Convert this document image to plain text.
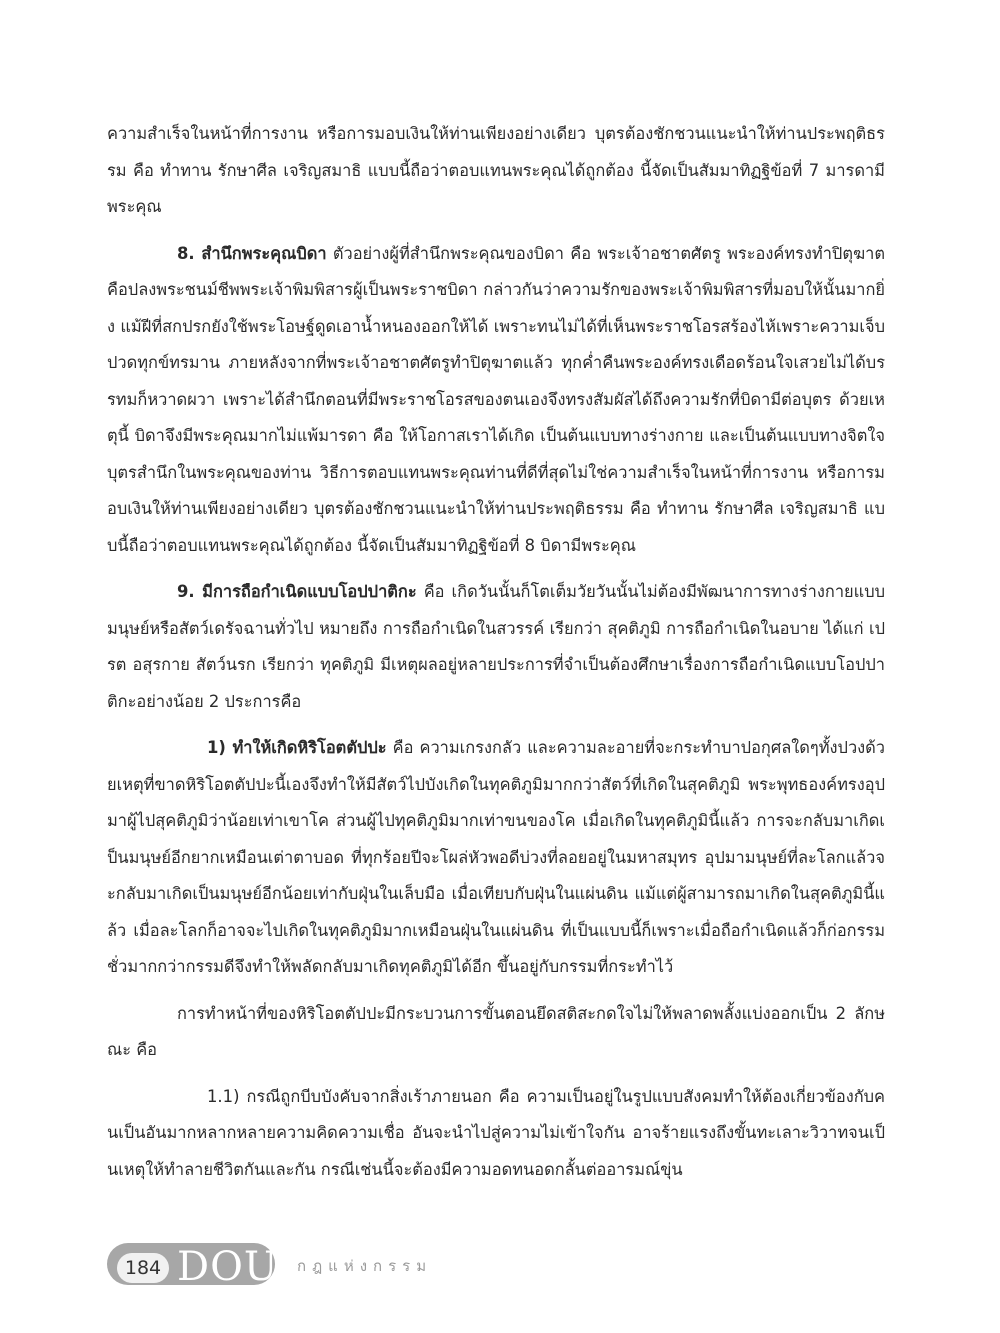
ความสำเร็จในหน้าที่การงาน หรือการมอบเงินให้ท่านเพียงอย่างเดียว บุตรต้องชักชวนแนะนำให้ท่านประพฤติธรรม คือ ทำทาน รักษาศีล เจริญสมาธิ แบบนี้ถือว่าตอบแทนพระคุณได้ถูกต้อง นี้จัดเป็นสัมมาทิฏฐิข้อที่ 7 มารดามีพระคุณ

8. สำนึกพระคุณบิดา ตัวอย่างผู้ที่สำนึกพระคุณของบิดา คือ พระเจ้าอชาตศัตรู พระองค์ทรงทำปิตุฆาตคือปลงพระชนม์ชีพพระเจ้าพิมพิสารผู้เป็นพระราชบิดา กล่าวกันว่าความรักของพระเจ้าพิมพิสารที่มอบให้นั้นมากยิ่ง แม้ฝีที่สกปรกยังใช้พระโอษฐ์ดูดเอาน้ำหนองออกให้ได้ เพราะทนไม่ได้ที่เห็นพระราชโอรสร้องไห้เพราะความเจ็บปวดทุกข์ทรมาน ภายหลังจากที่พระเจ้าอชาตศัตรูทำปิตุฆาตแล้ว ทุกค่ำคืนพระองค์ทรงเดือดร้อนใจเสวยไม่ได้บรรทมก็หวาดผวา เพราะได้สำนึกตอนที่มีพระราชโอรสของตนเองจึงทรงสัมผัสได้ถึงความรักที่บิดามีต่อบุตร ด้วยเหตุนี้ บิดาจึงมีพระคุณมากไม่แพ้มารดา คือ ให้โอกาสเราได้เกิด เป็นต้นแบบทางร่างกาย และเป็นต้นแบบทางจิตใจ บุตรสำนึกในพระคุณของท่าน วิธีการตอบแทนพระคุณท่านที่ดีที่สุดไม่ใช่ความสำเร็จในหน้าที่การงาน หรือการมอบเงินให้ท่านเพียงอย่างเดียว บุตรต้องชักชวนแนะนำให้ท่านประพฤติธรรม คือ ทำทาน รักษาศีล เจริญสมาธิ แบบนี้ถือว่าตอบแทนพระคุณได้ถูกต้อง นี้จัดเป็นสัมมาทิฏฐิข้อที่ 8 บิดามีพระคุณ

9. มีการถือกำเนิดแบบโอปปาติกะ คือ เกิดวันนั้นก็โตเต็มวัยวันนั้นไม่ต้องมีพัฒนาการทางร่างกายแบบมนุษย์หรือสัตว์เดรัจฉานทั่วไป หมายถึง การถือกำเนิดในสวรรค์ เรียกว่า สุคติภูมิ การถือกำเนิดในอบาย ได้แก่ เปรต อสุรกาย สัตว์นรก เรียกว่า ทุคติภูมิ มีเหตุผลอยู่หลายประการที่จำเป็นต้องศึกษาเรื่องการถือกำเนิดแบบโอปปาติกะอย่างน้อย 2 ประการคือ

1) ทำให้เกิดหิริโอตตัปปะ คือ ความเกรงกลัว และความละอายที่จะกระทำบาปอกุศลใดๆทั้งปวงด้วยเหตุที่ขาดหิริโอตตัปปะนี้เองจึงทำให้มีสัตว์ไปบังเกิดในทุคติภูมิมากกว่าสัตว์ที่เกิดในสุคติภูมิ พระพุทธองค์ทรงอุปมาผู้ไปสุคติภูมิว่าน้อยเท่าเขาโค ส่วนผู้ไปทุคติภูมิมากเท่าขนของโค เมื่อเกิดในทุคติภูมินี้แล้ว การจะกลับมาเกิดเป็นมนุษย์อีกยากเหมือนเต่าตาบอด ที่ทุกร้อยปีจะโผล่หัวพอดีบ่วงที่ลอยอยู่ในมหาสมุทร อุปมามนุษย์ที่ละโลกแล้วจะกลับมาเกิดเป็นมนุษย์อีกน้อยเท่ากับฝุ่นในเล็บมือ เมื่อเทียบกับฝุ่นในแผ่นดิน แม้แต่ผู้สามารถมาเกิดในสุคติภูมินี้แล้ว เมื่อละโลกก็อาจจะไปเกิดในทุคติภูมิมากเหมือนฝุ่นในแผ่นดิน ที่เป็นแบบนี้ก็เพราะเมื่อถือกำเนิดแล้วก็ก่อกรรมชั่วมากกว่ากรรมดีจึงทำให้พลัดกลับมาเกิดทุคติภูมิได้อีก ขึ้นอยู่กับกรรมที่กระทำไว้

การทำหน้าที่ของหิริโอตตัปปะมีกระบวนการขั้นตอนยึดสติสะกดใจไม่ให้พลาดพลั้งแบ่งออกเป็น 2 ลักษณะ คือ

1.1) กรณีถูกบีบบังคับจากสิ่งเร้าภายนอก คือ ความเป็นอยู่ในรูปแบบสังคมทำให้ต้องเกี่ยวข้องกับคนเป็นอันมากหลากหลายความคิดความเชื่อ อันจะนำไปสู่ความไม่เข้าใจกัน อาจร้ายแรงถึงขั้นทะเลาะวิวาทจนเป็นเหตุให้ทำลายชีวิตกันและกัน กรณีเช่นนี้จะต้องมีความอดทนอดกลั้นต่ออารมณ์ขุ่น

184 DOU กฎแห่งกรรม
